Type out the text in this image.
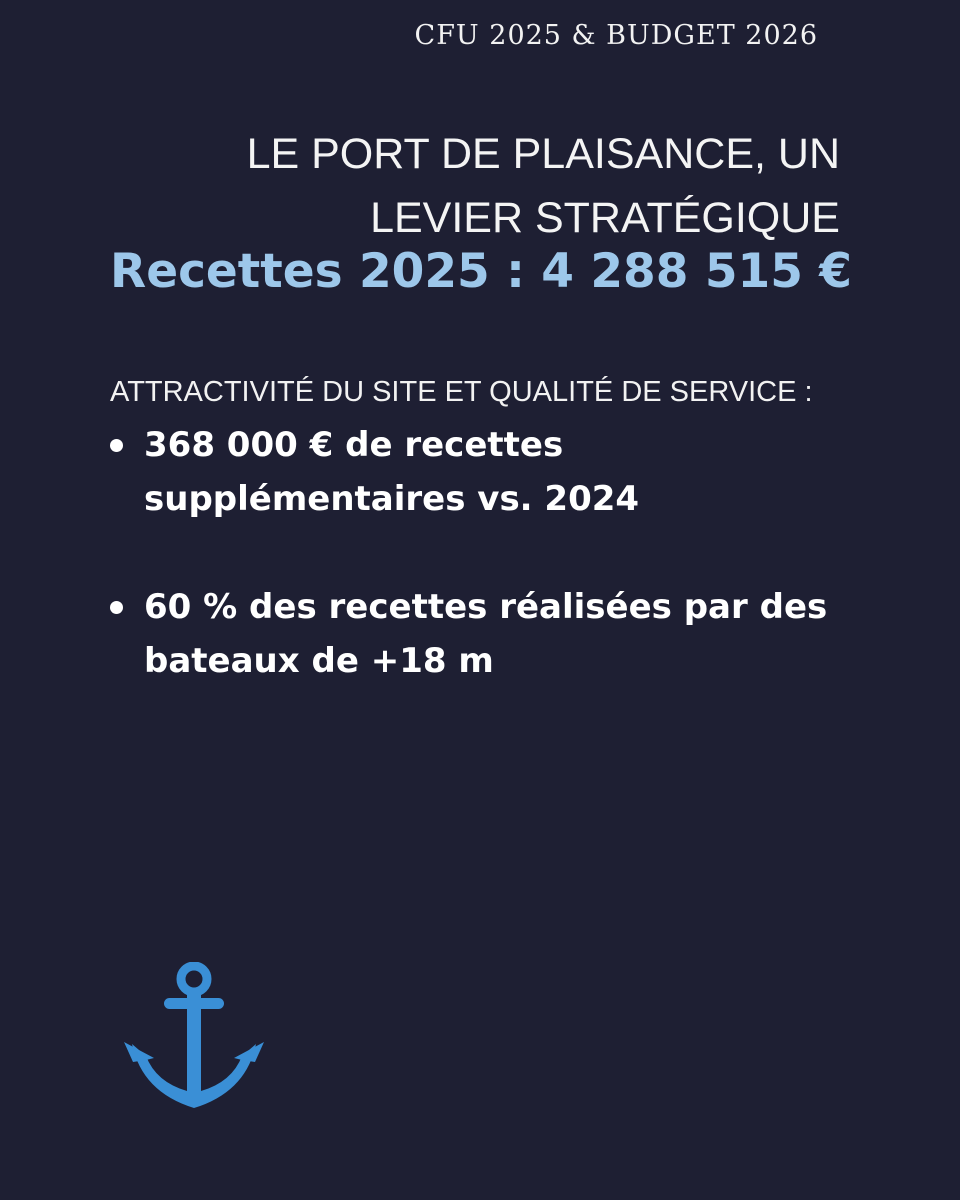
CFU 2025 & BUDGET 2026
LE PORT DE PLAISANCE, UN
LEVIER STRATÉGIQUE
Recettes 2025 : 4 288 515 €

ATTRACTIVITÉ DU SITE ET QUALITÉ DE SERVICE :

368 000 € de recettes supplémentaires vs. 2024
60 % des recettes réalisées par des bateaux de +18 m
